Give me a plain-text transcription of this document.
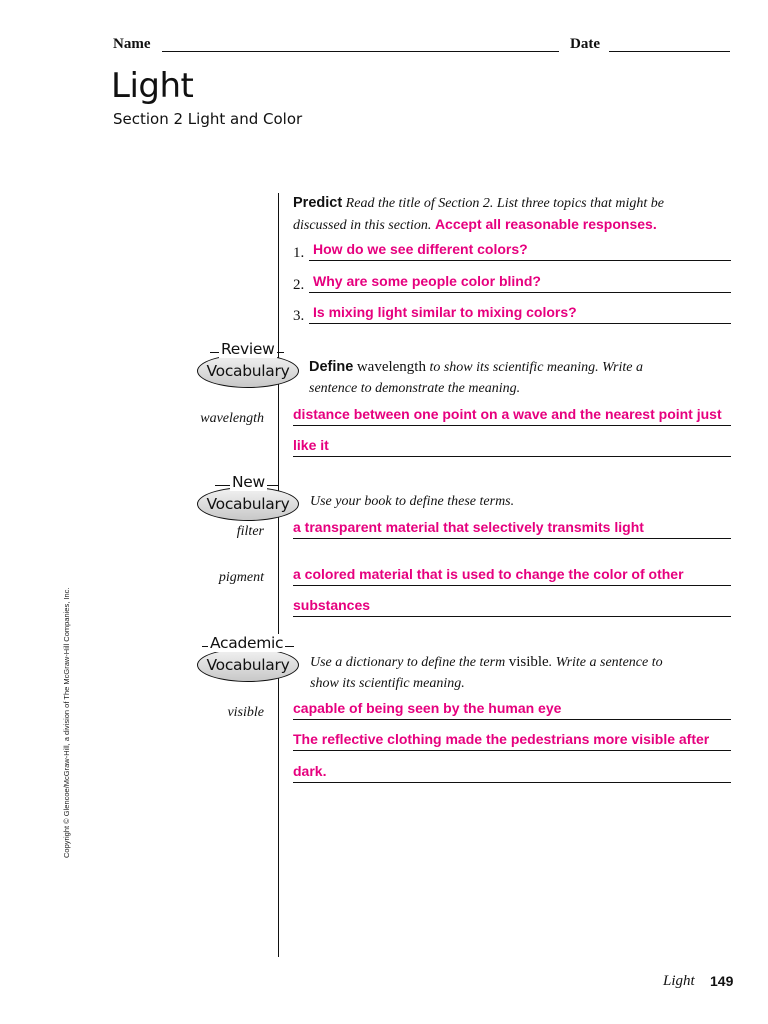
Name	Date
Light
Section 2 Light and Color
Predict Read the title of Section 2. List three topics that might be
discussed in this section. Accept all reasonable responses.
1. How do we see different colors?
2. Why are some people color blind?
3. Is mixing light similar to mixing colors?
Vocabulary
Review
Define wavelength to show its scientific meaning. Write a
sentence to demonstrate the meaning.
wavelength distance between one point on a wave and the nearest point just
like it
Vocabulary
New
Use your book to define these terms.
filter a transparent material that selectively transmits light
pigment a colored material that is used to change the color of other
substances
Vocabulary
Academic
Use a dictionary to define the term visible. Write a sentence to
show its scientific meaning.
visible capable of being seen by the human eye
The reflective clothing made the pedestrians more visible after
dark.
Copyright © Glencoe/McGraw-Hill, a division of The McGraw-Hill Companies, Inc.
Light 149
